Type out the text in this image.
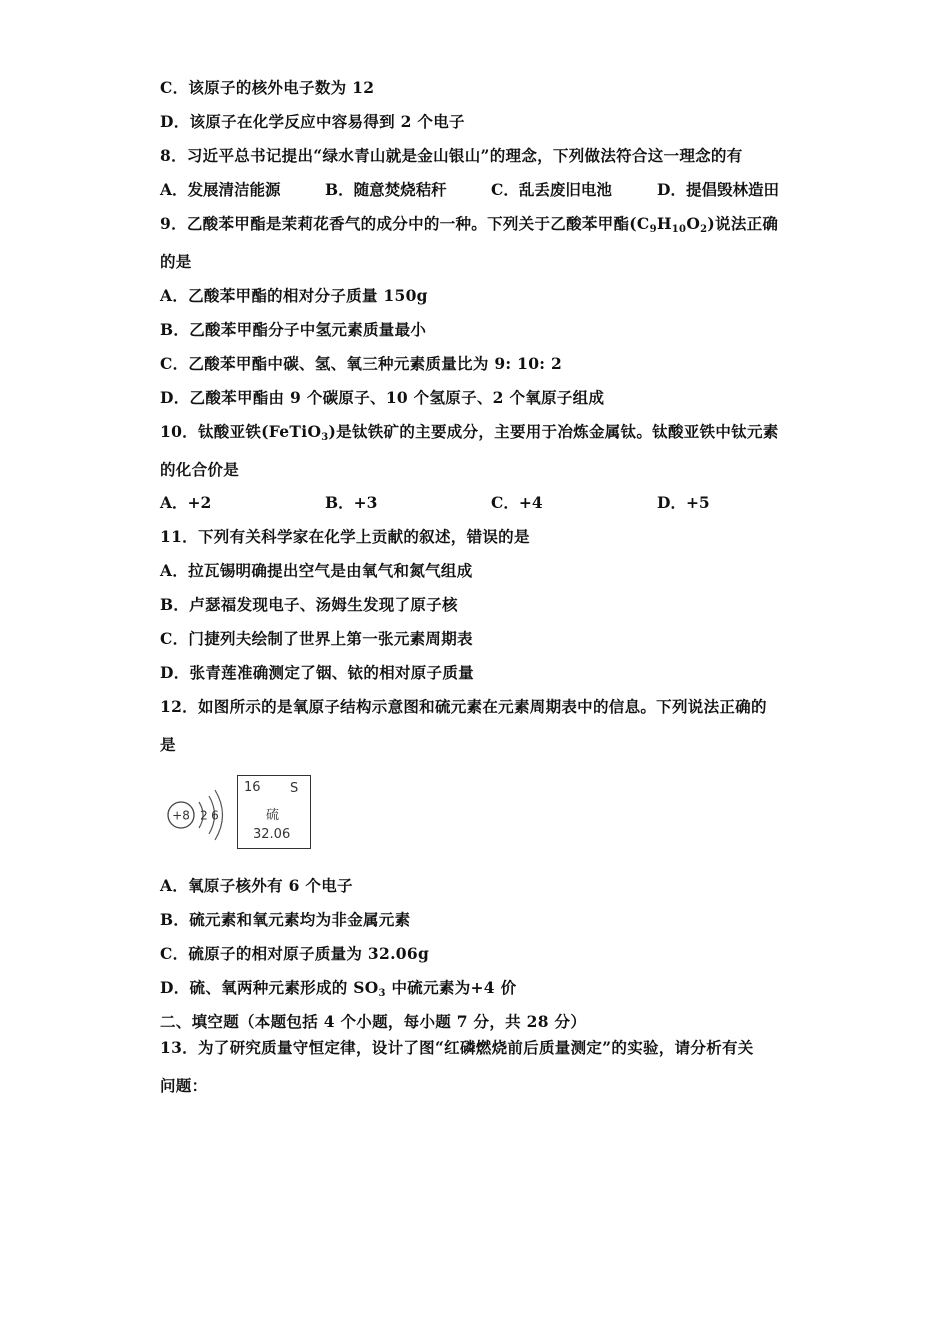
C．该原子的核外电子数为 12
D．该原子在化学反应中容易得到 2 个电子
8．习近平总书记提出“绿水青山就是金山银山”的理念，下列做法符合这一理念的有
A．发展清洁能源	B．随意焚烧秸秆	C．乱丢废旧电池	D．提倡毁林造田
9．乙酸苯甲酯是茉莉花香气的成分中的一种。下列关于乙酸苯甲酯$(C_9H_{10}O_2)$说法正确
的是
A．乙酸苯甲酯的相对分子质量 150g
B．乙酸苯甲酯分子中氢元素质量最小
C．乙酸苯甲酯中碳、氢、氧三种元素质量比为 9: 10: 2
D．乙酸苯甲酯由 9 个碳原子、10 个氢原子、2 个氧原子组成
10．钛酸亚铁(FeTiO$_3$)是钛铁矿的主要成分，主要用于冶炼金属钛。钛酸亚铁中钛元素
的化合价是
A．+2	B．+3	C．+4	D．+5
11．下列有关科学家在化学上贡献的叙述，错误的是
A．拉瓦锡明确提出空气是由氧气和氮气组成
B．卢瑟福发现电子、汤姆生发现了原子核
C．门捷列夫绘制了世界上第一张元素周期表
D．张青莲准确测定了铟、铱的相对原子质量
12．如图所示的是氧原子结构示意图和硫元素在元素周期表中的信息。下列说法正确的
是
+8 2 6
16 S
硫
32.06
A．氧原子核外有 6 个电子
B．硫元素和氧元素均为非金属元素
C．硫原子的相对原子质量为 32.06g
D．硫、氧两种元素形成的 $SO_3$ 中硫元素为+4 价
二、填空题（本题包括 4 个小题，每小题 7 分，共 28 分）
13．为了研究质量守恒定律，设计了图“红磷燃烧前后质量测定”的实验，请分析有关
问题：
